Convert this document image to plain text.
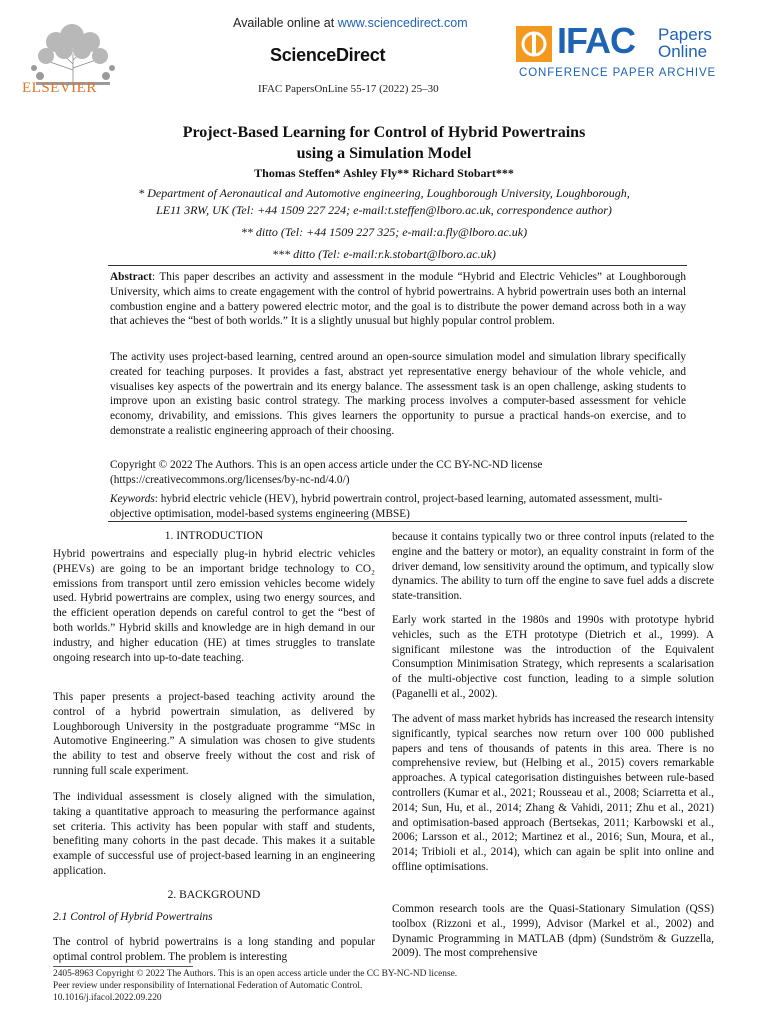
ELSEVIER
Available online at www.sciencedirect.com
ScienceDirect
IFAC PapersOnLine 55-17 (2022) 25–30
IFAC Papers
Online
CONFERENCE PAPER ARCHIVE
Project-Based Learning for Control of Hybrid Powertrains
using a Simulation Model
Thomas Steffen* Ashley Fly** Richard Stobart***
* Department of Aeronautical and Automotive engineering, Loughborough University, Loughborough,
LE11 3RW, UK (Tel: +44 1509 227 224; e-mail:t.steffen@lboro.ac.uk, correspondence author)
** ditto (Tel: +44 1509 227 325; e-mail:a.fly@lboro.ac.uk)
*** ditto (Tel: e-mail:r.k.stobart@lboro.ac.uk)
Abstract: This paper describes an activity and assessment in the module “Hybrid and Electric Vehicles” at Loughborough University, which aims to create engagement with the control of hybrid powertrains. A hybrid powertrain uses both an internal combustion engine and a battery powered electric motor, and the goal is to distribute the power demand across both in a way that achieves the “best of both worlds.” It is a slightly unusual but highly popular control problem.
The activity uses project-based learning, centred around an open-source simulation model and simulation library specifically created for teaching purposes. It provides a fast, abstract yet representative energy behaviour of the whole vehicle, and visualises key aspects of the powertrain and its energy balance. The assessment task is an open challenge, asking students to improve upon an existing basic control strategy. The marking process involves a computer-based assessment for vehicle economy, drivability, and emissions. This gives learners the opportunity to pursue a practical hands-on exercise, and to demonstrate a realistic engineering approach of their choosing.
Copyright © 2022 The Authors. This is an open access article under the CC BY-NC-ND license
(https://creativecommons.org/licenses/by-nc-nd/4.0/)
Keywords: hybrid electric vehicle (HEV), hybrid powertrain control, project-based learning, automated assessment, multi-objective optimisation, model-based systems engineering (MBSE)
1. INTRODUCTION
Hybrid powertrains and especially plug-in hybrid electric vehicles (PHEVs) are going to be an important bridge technology to CO₂ emissions from transport until zero emission vehicles become widely used. Hybrid powertrains are complex, using two energy sources, and the efficient operation depends on careful control to get the “best of both worlds.” Hybrid skills and knowledge are in high demand in our industry, and higher education (HE) at times struggles to translate ongoing research into up-to-date teaching.
This paper presents a project-based teaching activity around the control of a hybrid powertrain simulation, as delivered by Loughborough University in the postgraduate programme “MSc in Automotive Engineering.” A simulation was chosen to give students the ability to test and observe freely without the cost and risk of running full scale experiment.
The individual assessment is closely aligned with the simulation, taking a quantitative approach to measuring the performance against set criteria. This activity has been popular with staff and students, benefiting many cohorts in the past decade. This makes it a suitable example of successful use of project-based learning in an engineering application.
2. BACKGROUND
2.1 Control of Hybrid Powertrains
The control of hybrid powertrains is a long standing and popular optimal control problem. The problem is interesting
because it contains typically two or three control inputs (related to the engine and the battery or motor), an equality constraint in form of the driver demand, low sensitivity around the optimum, and typically slow dynamics. The ability to turn off the engine to save fuel adds a discrete state-transition.
Early work started in the 1980s and 1990s with prototype hybrid vehicles, such as the ETH prototype (Dietrich et al., 1999). A significant milestone was the introduction of the Equivalent Consumption Minimisation Strategy, which represents a scalarisation of the multi-objective cost function, leading to a simple solution (Paganelli et al., 2002).
The advent of mass market hybrids has increased the research intensity significantly, typical searches now return over 100 000 published papers and tens of thousands of patents in this area. There is no comprehensive review, but (Helbing et al., 2015) covers remarkable approaches. A typical categorisation distinguishes between rule-based controllers (Kumar et al., 2021; Rousseau et al., 2008; Sciarretta et al., 2014; Sun, Hu, et al., 2014; Zhang & Vahidi, 2011; Zhu et al., 2021) and optimisation-based approach (Bertsekas, 2011; Karbowski et al., 2006; Larsson et al., 2012; Martinez et al., 2016; Sun, Moura, et al., 2014; Tribioli et al., 2014), which can again be split into online and offline optimisations.
Common research tools are the Quasi-Stationary Simulation (QSS) toolbox (Rizzoni et al., 1999), Advisor (Markel et al., 2002) and Dynamic Programming in MATLAB (dpm) (Sundström & Guzzella, 2009). The most comprehensive
2405-8963 Copyright © 2022 The Authors. This is an open access article under the CC BY-NC-ND license.
Peer review under responsibility of International Federation of Automatic Control.
10.1016/j.ifacol.2022.09.220
